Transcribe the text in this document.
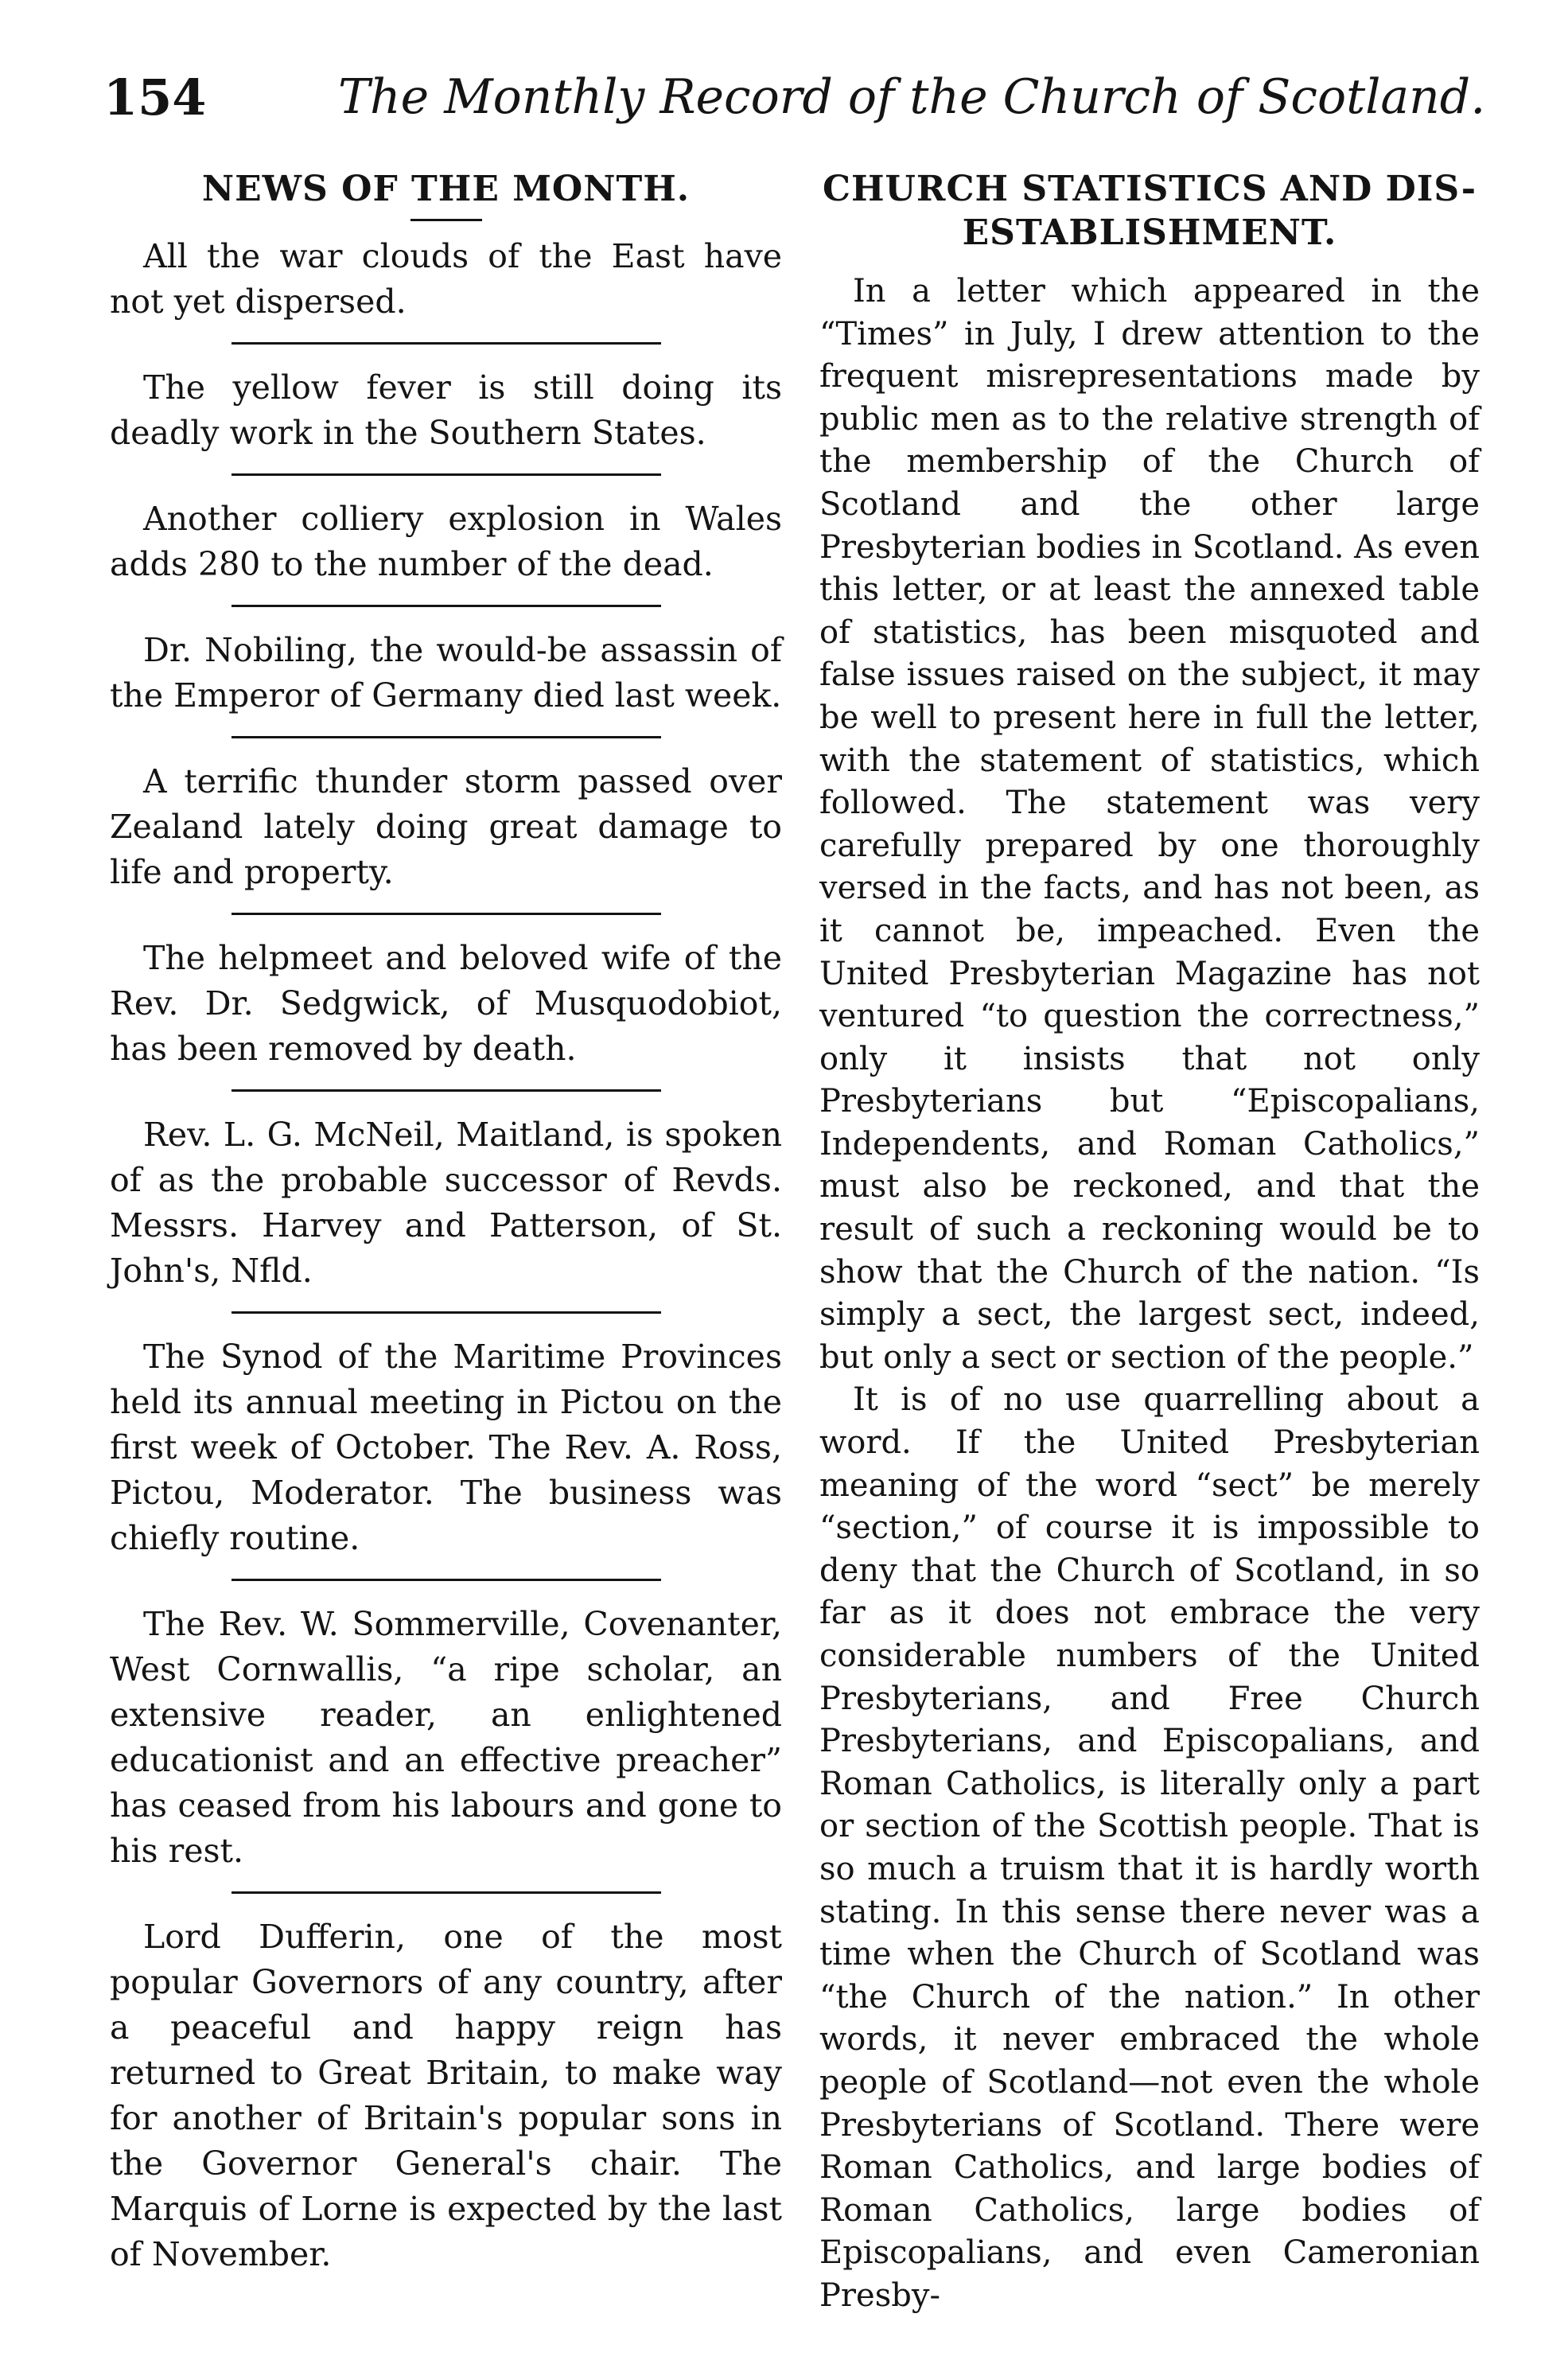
154	The Monthly Record of the Church of Scotland.
NEWS OF THE MONTH.

All the war clouds of the East have not yet dispersed.

The yellow fever is still doing its deadly work in the Southern States.

Another colliery explosion in Wales adds 280 to the number of the dead.

Dr. Nobiling, the would-be assassin of the Emperor of Germany died last week.

A terrific thunder storm passed over Zealand lately doing great damage to life and property.

The helpmeet and beloved wife of the Rev. Dr. Sedgwick, of Musquodobiot, has been removed by death.

Rev. L. G. McNeil, Maitland, is spoken of as the probable successor of Revds. Messrs. Harvey and Patterson, of St. John's, Nfld.

The Synod of the Maritime Provinces held its annual meeting in Pictou on the first week of October. The Rev. A. Ross, Pictou, Moderator. The business was chiefly routine.

The Rev. W. Sommerville, Covenanter, West Cornwallis, “a ripe scholar, an extensive reader, an enlightened educationist and an effective preacher” has ceased from his labours and gone to his rest.

Lord Dufferin, one of the most popular Governors of any country, after a peaceful and happy reign has returned to Great Britain, to make way for another of Britain's popular sons in the Governor General's chair. The Marquis of Lorne is expected by the last of November.

CHURCH STATISTICS AND DIS-ESTABLISHMENT.

In a letter which appeared in the “Times” in July, I drew attention to the frequent misrepresentations made by public men as to the relative strength of the membership of the Church of Scotland and the other large Presbyterian bodies in Scotland. As even this letter, or at least the annexed table of statistics, has been misquoted and false issues raised on the subject, it may be well to present here in full the letter, with the statement of statistics, which followed. The statement was very carefully prepared by one thoroughly versed in the facts, and has not been, as it cannot be, impeached. Even the United Presbyterian Magazine has not ventured “to question the correctness,” only it insists that not only Presbyterians but “Episcopalians, Independents, and Roman Catholics,” must also be reckoned, and that the result of such a reckoning would be to show that the Church of the nation. “Is simply a sect, the largest sect, indeed, but only a sect or section of the people.”

It is of no use quarrelling about a word. If the United Presbyterian meaning of the word “sect” be merely “section,” of course it is impossible to deny that the Church of Scotland, in so far as it does not embrace the very considerable numbers of the United Presbyterians, and Free Church Presbyterians, and Episcopalians, and Roman Catholics, is literally only a part or section of the Scottish people. That is so much a truism that it is hardly worth stating. In this sense there never was a time when the Church of Scotland was “the Church of the nation.” In other words, it never embraced the whole people of Scotland—not even the whole Presbyterians of Scotland. There were Roman Catholics, and large bodies of Roman Catholics, large bodies of Episcopalians, and even Cameronian Presby-
